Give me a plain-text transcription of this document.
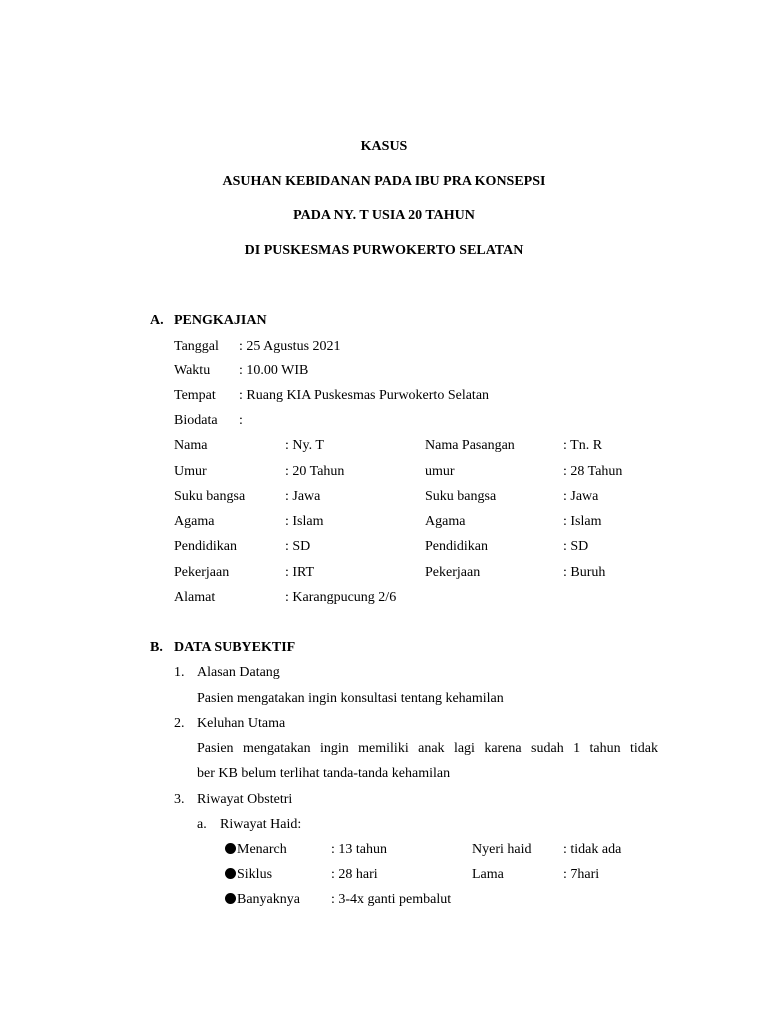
KASUS
ASUHAN KEBIDANAN PADA IBU PRA KONSEPSI
PADA NY. T USIA 20 TAHUN
DI PUSKESMAS PURWOKERTO SELATAN
A. PENGKAJIAN
Tanggal : 25 Agustus 2021
Waktu : 10.00 WIB
Tempat : Ruang KIA Puskesmas Purwokerto Selatan
Biodata :
Nama	: Ny. T	Nama Pasangan	: Tn. R
Umur	: 20 Tahun	umur	: 28 Tahun
Suku bangsa	: Jawa	Suku bangsa	: Jawa
Agama	: Islam	Agama	: Islam
Pendidikan	: SD	Pendidikan	: SD
Pekerjaan	: IRT	Pekerjaan	: Buruh
Alamat	: Karangpucung 2/6
B. DATA SUBYEKTIF
1. Alasan Datang
Pasien mengatakan ingin konsultasi tentang kehamilan
2. Keluhan Utama
Pasien mengatakan ingin memiliki anak lagi karena sudah 1 tahun tidak
ber KB belum terlihat tanda-tanda kehamilan
3. Riwayat Obstetri
a. Riwayat Haid:
Menarch	: 13 tahun	Nyeri haid : tidak ada
Siklus	: 28 hari	Lama	: 7hari
Banyaknya : 3-4x ganti pembalut
